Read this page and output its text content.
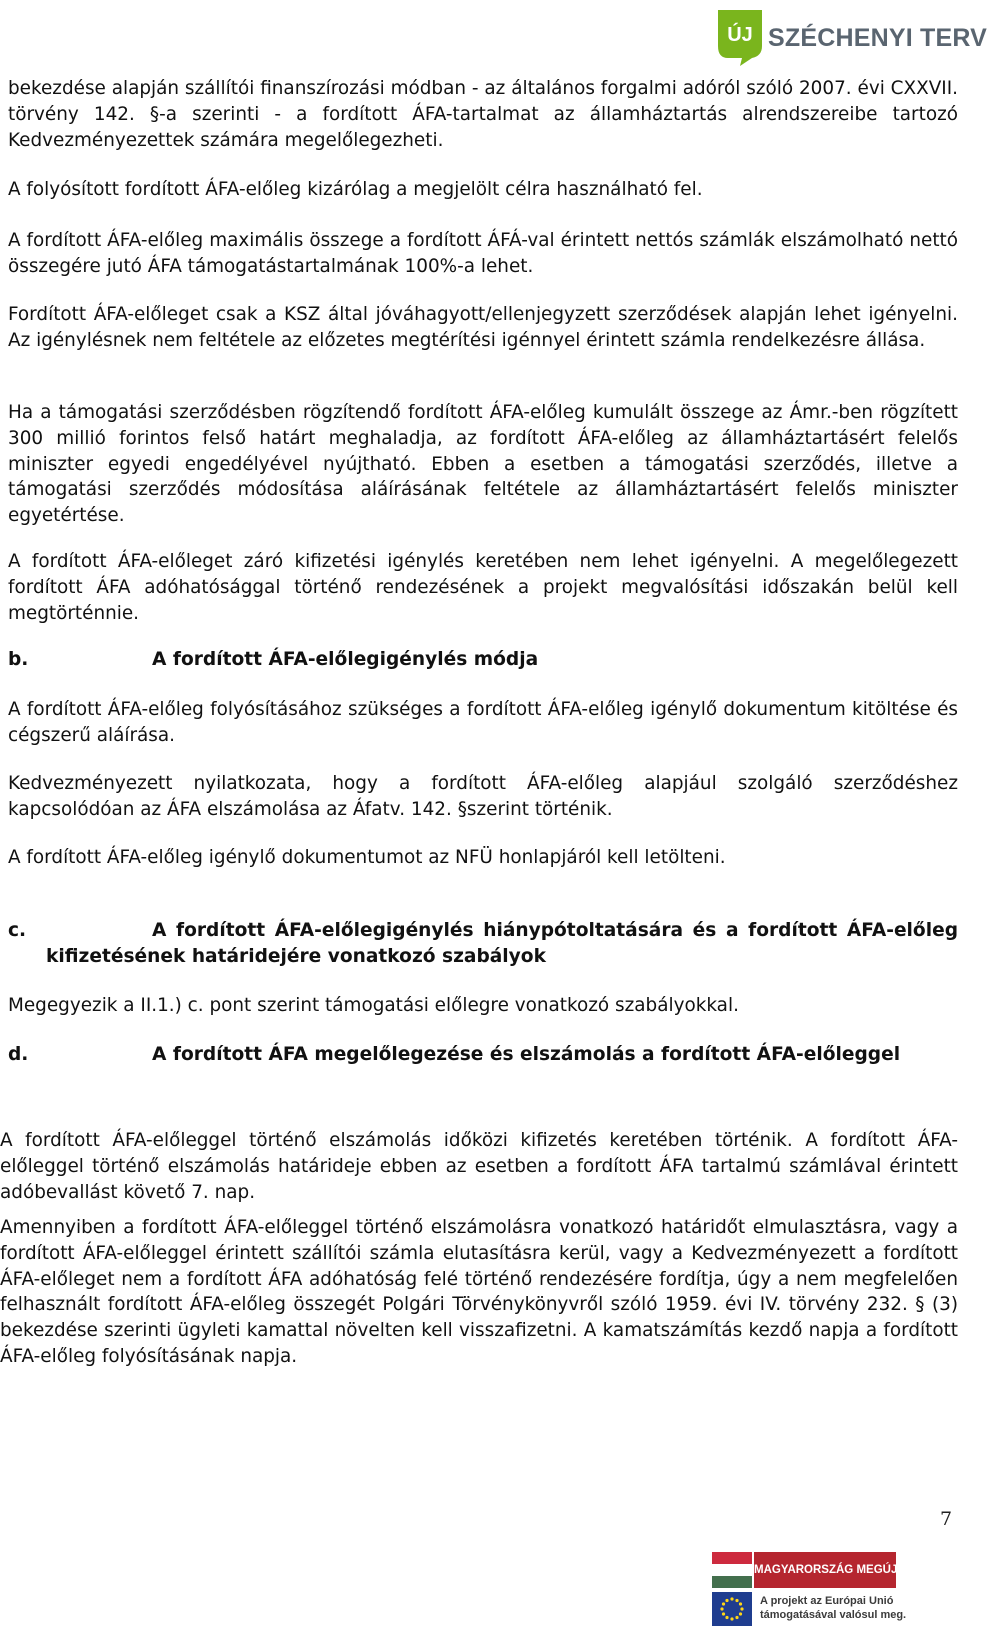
ÚJ SZÉCHENYI TERV

bekezdése alapján szállítói finanszírozási módban - az általános forgalmi adóról szóló 2007. évi CXXVII. törvény 142. §-a szerinti - a fordított ÁFA-tartalmat az államháztartás alrendszereibe tartozó Kedvezményezettek számára megelőlegezheti.

A folyósított fordított ÁFA-előleg kizárólag a megjelölt célra használható fel.

A fordított ÁFA-előleg maximális összege a fordított ÁFÁ-val érintett nettós számlák elszámolható nettó összegére jutó ÁFA támogatástartalmának 100%-a lehet.

Fordított ÁFA-előleget csak a KSZ által jóváhagyott/ellenjegyzett szerződések alapján lehet igényelni. Az igénylésnek nem feltétele az előzetes megtérítési igénnyel érintett számla rendelkezésre állása.

Ha a támogatási szerződésben rögzítendő fordított ÁFA-előleg kumulált összege az Ámr.-ben rögzített 300 millió forintos felső határt meghaladja, az fordított ÁFA-előleg az államháztartásért felelős miniszter egyedi engedélyével nyújtható. Ebben a esetben a támogatási szerződés, illetve a támogatási szerződés módosítása aláírásának feltétele az államháztartásért felelős miniszter egyetértése.

A fordított ÁFA-előleget záró kifizetési igénylés keretében nem lehet igényelni. A megelőlegezett fordított ÁFA adóhatósággal történő rendezésének a projekt megvalósítási időszakán belül kell megtörténnie.

b.	A fordított ÁFA-előlegigénylés módja

A fordított ÁFA-előleg folyósításához szükséges a fordított ÁFA-előleg igénylő dokumentum kitöltése és cégszerű aláírása.

Kedvezményezett nyilatkozata, hogy a fordított ÁFA-előleg alapjául szolgáló szerződéshez kapcsolódóan az ÁFA elszámolása az Áfatv. 142. §szerint történik.

A fordított ÁFA-előleg igénylő dokumentumot az NFÜ honlapjáról kell letölteni.

c.	A fordított ÁFA-előlegigénylés hiánypótoltatására és a fordított ÁFA-előleg kifizetésének határidejére vonatkozó szabályok

Megegyezik a II.1.) c. pont szerint támogatási előlegre vonatkozó szabályokkal.

d.	A fordított ÁFA megelőlegezése és elszámolás a fordított ÁFA-előleggel

A fordított ÁFA-előleggel történő elszámolás időközi kifizetés keretében történik. A fordított ÁFA-előleggel történő elszámolás határideje ebben az esetben a fordított ÁFA tartalmú számlával érintett adóbevallást követő 7. nap.

Amennyiben a fordított ÁFA-előleggel történő elszámolásra vonatkozó határidőt elmulasztásra, vagy a fordított ÁFA-előleggel érintett szállítói számla elutasításra kerül, vagy a Kedvezményezett a fordított ÁFA-előleget nem a fordított ÁFA adóhatóság felé történő rendezésére fordítja, úgy a nem megfelelően felhasznált fordított ÁFA-előleg összegét Polgári Törvénykönyvről szóló 1959. évi IV. törvény 232. § (3) bekezdése szerinti ügyleti kamattal növelten kell visszafizetni. A kamatszámítás kezdő napja a fordított ÁFA-előleg folyósításának napja.

7
MAGYARORSZÁG MEGÚJUL
A projekt az Európai Unió
támogatásával valósul meg.
